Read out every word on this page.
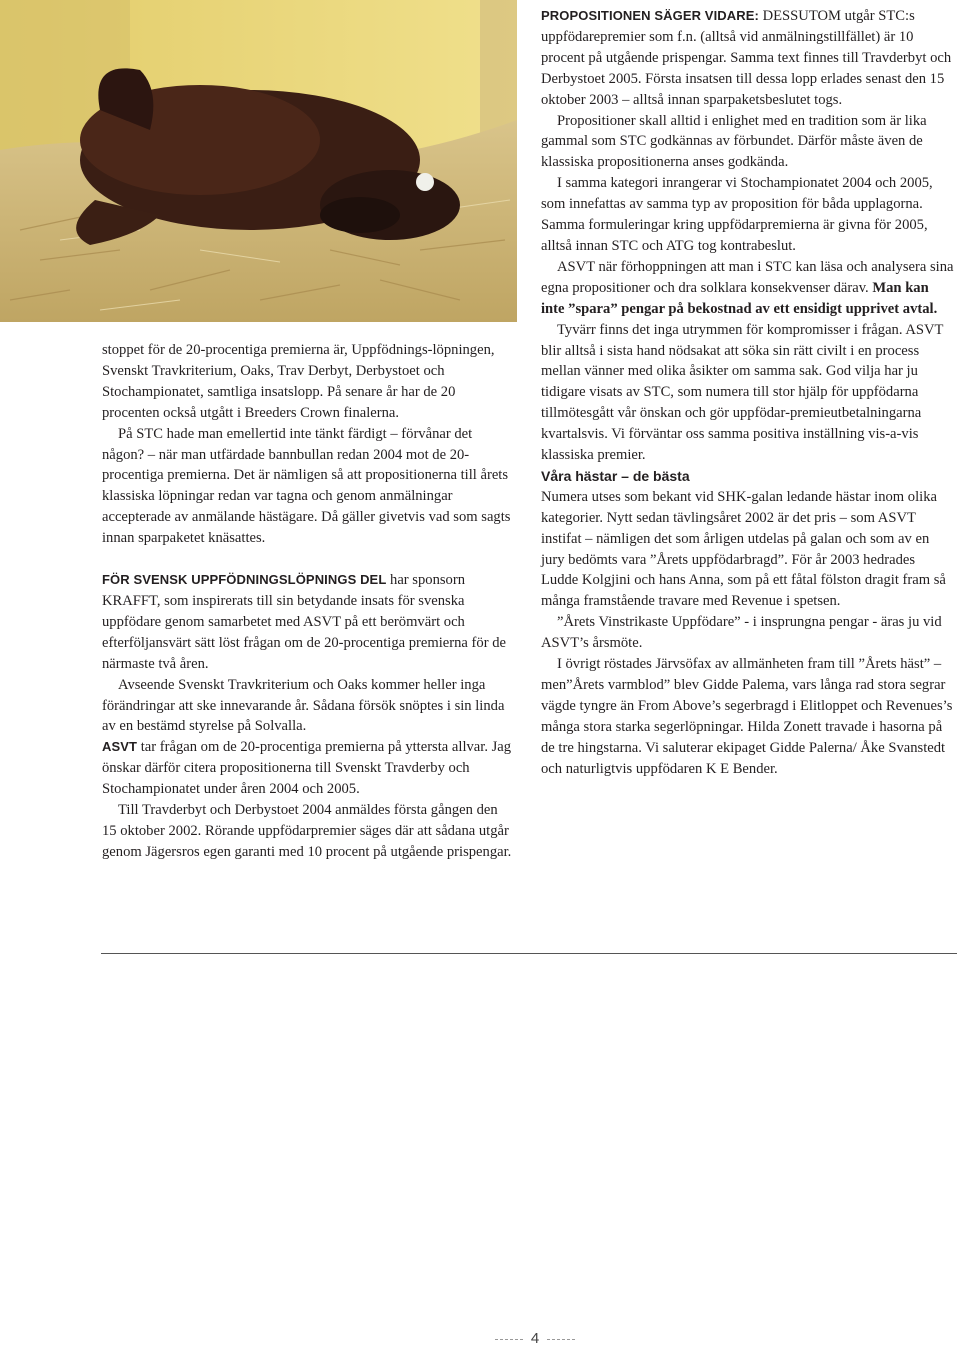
stoppet för de 20-procentiga premierna är, Uppfödnings-löpningen, Svenskt Travkriterium, Oaks, Trav Derbyt, Derbystoet och Stochampionatet, samtliga insatslopp. På senare år har de 20 procenten också utgått i Breeders Crown finalerna.

På STC hade man emellertid inte tänkt färdigt – förvånar det någon? – när man utfärdade bannbullan redan 2004 mot de 20-procentiga premierna. Det är nämligen så att propositionerna till årets klassiska löpningar redan var tagna och genom anmälningar accepterade av anmälande hästägare. Då gäller givetvis vad som sagts innan sparpaketet knäsattes.

FÖR SVENSK UPPFÖDNINGSLÖPNINGS DEL har sponsorn KRAFFT, som inspirerats till sin betydande insats för svenska uppfödare genom samarbetet med ASVT på ett berömvärt och efterföljansvärt sätt löst frågan om de 20-procentiga premierna för de närmaste två åren.

Avseende Svenskt Travkriterium och Oaks kommer heller inga förändringar att ske innevarande år. Sådana försök snöptes i sin linda av en bestämd styrelse på Solvalla.

ASVT tar frågan om de 20-procentiga premierna på yttersta allvar. Jag önskar därför citera propositionerna till Svenskt Travderby och Stochampionatet under åren 2004 och 2005.

Till Travderbyt och Derbystoet 2004 anmäldes första gången den 15 oktober 2002. Rörande uppfödarpremier säges där att sådana utgår genom Jägersros egen garanti med 10 procent på utgående prispengar.

PROPOSITIONEN SÄGER VIDARE: DESSUTOM utgår STC:s uppfödarepremier som f.n. (alltså vid anmälningstillfället) är 10 procent på utgående prispengar. Samma text finnes till Travderbyt och Derbystoet 2005. Första insatsen till dessa lopp erlades senast den 15 oktober 2003 – alltså innan sparpaketsbeslutet togs.

Propositioner skall alltid i enlighet med en tradition som är lika gammal som STC godkännas av förbundet. Därför måste även de klassiska propositionerna anses godkända.

I samma kategori inrangerar vi Stochampionatet 2004 och 2005, som innefattas av samma typ av proposition för båda upplagorna. Samma formuleringar kring uppfödarpremierna är givna för 2005, alltså innan STC och ATG tog kontrabeslut.

ASVT när förhoppningen att man i STC kan läsa och analysera sina egna propositioner och dra solklara konsekvenser därav. Man kan inte ”spara” pengar på bekostnad av ett ensidigt upprivet avtal.

Tyvärr finns det inga utrymmen för kompromisser i frågan. ASVT blir alltså i sista hand nödsakat att söka sin rätt civilt i en process mellan vänner med olika åsikter om samma sak. God vilja har ju tidigare visats av STC, som numera till stor hjälp för uppfödarna tillmötesgått vår önskan och gör uppfödar-premieutbetalningarna kvartalsvis. Vi förväntar oss samma positiva inställning vis-a-vis klassiska premier.

Våra hästar – de bästa

Numera utses som bekant vid SHK-galan ledande hästar inom olika kategorier. Nytt sedan tävlingsåret 2002 är det pris – som ASVT instifat – nämligen det som årligen utdelas på galan och som av en jury bedömts vara ”Årets uppfödarbragd”. För år 2003 hedrades Ludde Kolgjini och hans Anna, som på ett fåtal fölston dragit fram så många framstående travare med Revenue i spetsen.

”Årets Vinstrikaste Uppfödare” - i insprungna pengar - äras ju vid ASVT’s årsmöte.

I övrigt röstades Järvsöfax av allmänheten fram till ”Årets häst” – men”Årets varmblod” blev Gidde Palema, vars långa rad stora segrar vägde tyngre än From Above’s segerbragd i Elitloppet och Revenues’s många stora starka segerlöpningar. Hilda Zonett travade i hasorna på de tre hingstarna. Vi saluterar ekipaget Gidde Palerna/ Åke Svanstedt och naturligtvis uppfödaren K E Bender.

4
